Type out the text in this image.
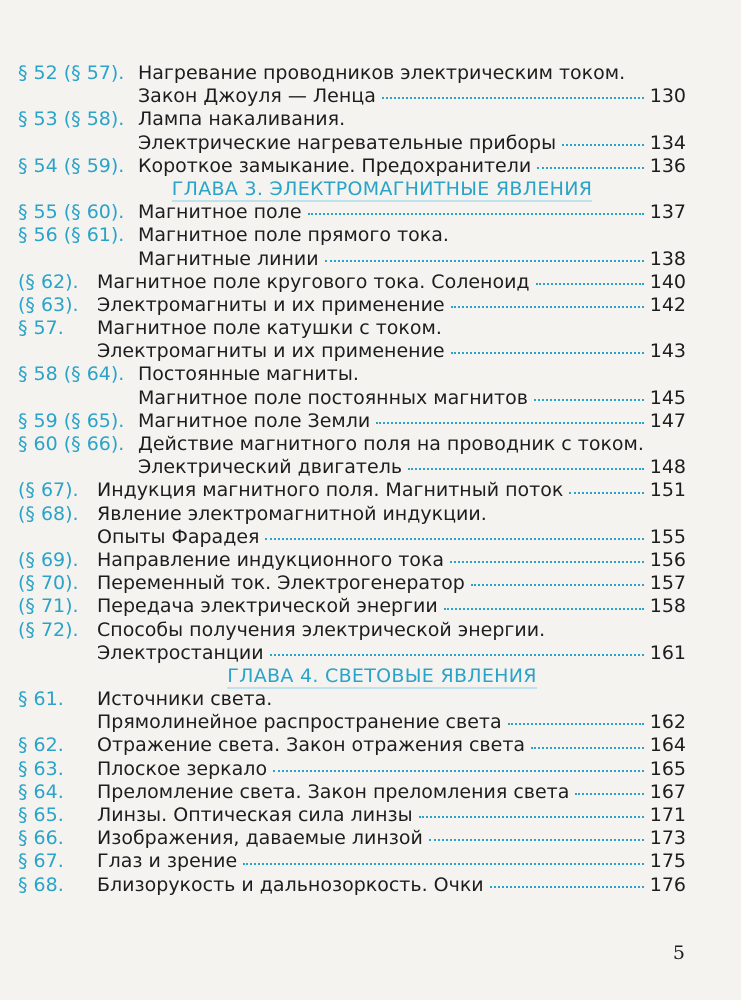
§ 52 (§ 57). Нагревание проводников электрическим током.
Закон Джоуля — Ленца	130
§ 53 (§ 58). Лампа накаливания.
Электрические нагревательные приборы	134
§ 54 (§ 59). Короткое замыкание. Предохранители	136
ГЛАВА 3. ЭЛЕКТРОМАГНИТНЫЕ ЯВЛЕНИЯ
§ 55 (§ 60). Магнитное поле	137
§ 56 (§ 61). Магнитное поле прямого тока.
Магнитные линии	138
(§ 62). Магнитное поле кругового тока. Соленоид	140
(§ 63). Электромагниты и их применение	142
§ 57.	Магнитное поле катушки с током.
Электромагниты и их применение	143
§ 58 (§ 64). Постоянные магниты.
Магнитное поле постоянных магнитов	145
§ 59 (§ 65). Магнитное поле Земли	147
§ 60 (§ 66). Действие магнитного поля на проводник с током.
Электрический двигатель	148
(§ 67). Индукция магнитного поля. Магнитный поток	151
(§ 68). Явление электромагнитной индукции.
Опыты Фарадея	155
(§ 69). Направление индукционного тока	156
(§ 70). Переменный ток. Электрогенератор	157
(§ 71). Передача электрической энергии	158
(§ 72). Способы получения электрической энергии.
Электростанции	161
ГЛАВА 4. СВЕТОВЫЕ ЯВЛЕНИЯ
§ 61.	Источники света.
Прямолинейное распространение света	162
§ 62.	Отражение света. Закон отражения света	164
§ 63.	Плоское зеркало	165
§ 64.	Преломление света. Закон преломления света	167
§ 65.	Линзы. Оптическая сила линзы	171
§ 66.	Изображения, даваемые линзой	173
§ 67.	Глаз и зрение	175
§ 68.	Близорукость и дальнозоркость. Очки	176
5
